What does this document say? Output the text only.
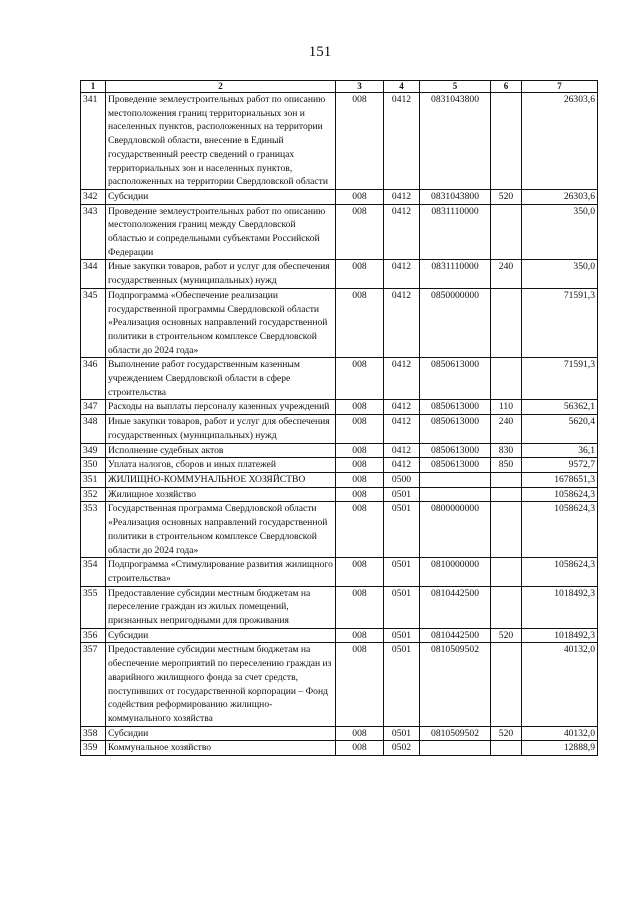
151
1	2	3	4	5	6	7
341	Проведение землеустроительных работ по описанию местоположения границ территориальных зон и населенных пунктов, расположенных на территории Свердловской области, внесение в Единый государственный реестр сведений о границах территориальных зон и населенных пунктов, расположенных на территории Свердловской области	008	0412	0831043800		26303,6
342	Субсидии	008	0412	0831043800	520	26303,6
343	Проведение землеустроительных работ по описанию местоположения границ между Свердловской областью и сопредельными субъектами Российской Федерации	008	0412	0831110000		350,0
344	Иные закупки товаров, работ и услуг для обеспечения государственных (муниципальных) нужд	008	0412	0831110000	240	350,0
345	Подпрограмма «Обеспечение реализации государственной программы Свердловской области «Реализация основных направлений государственной политики в строительном комплексе Свердловской области до 2024 года»	008	0412	0850000000		71591,3
346	Выполнение работ государственным казенным учреждением Свердловской области в сфере строительства	008	0412	0850613000		71591,3
347	Расходы на выплаты персоналу казенных учреждений	008	0412	0850613000	110	56362,1
348	Иные закупки товаров, работ и услуг для обеспечения государственных (муниципальных) нужд	008	0412	0850613000	240	5620,4
349	Исполнение судебных актов	008	0412	0850613000	830	36,1
350	Уплата налогов, сборов и иных платежей	008	0412	0850613000	850	9572,7
351	ЖИЛИЩНО-КОММУНАЛЬНОЕ ХОЗЯЙСТВО	008	0500			1678651,3
352	Жилищное хозяйство	008	0501			1058624,3
353	Государственная программа Свердловской области «Реализация основных направлений государственной политики в строительном комплексе Свердловской области до 2024 года»	008	0501	0800000000		1058624,3
354	Подпрограмма «Стимулирование развития жилищного строительства»	008	0501	0810000000		1058624,3
355	Предоставление субсидии местным бюджетам на переселение граждан из жилых помещений, признанных непригодными для проживания	008	0501	0810442500		1018492,3
356	Субсидии	008	0501	0810442500	520	1018492,3
357	Предоставление субсидии местным бюджетам на обеспечение мероприятий по переселению граждан из аварийного жилищного фонда за счет средств, поступивших от государственной корпорации – Фонд содействия реформированию жилищно-коммунального хозяйства	008	0501	0810509502		40132,0
358	Субсидии	008	0501	0810509502	520	40132,0
359	Коммунальное хозяйство	008	0502			12888,9
